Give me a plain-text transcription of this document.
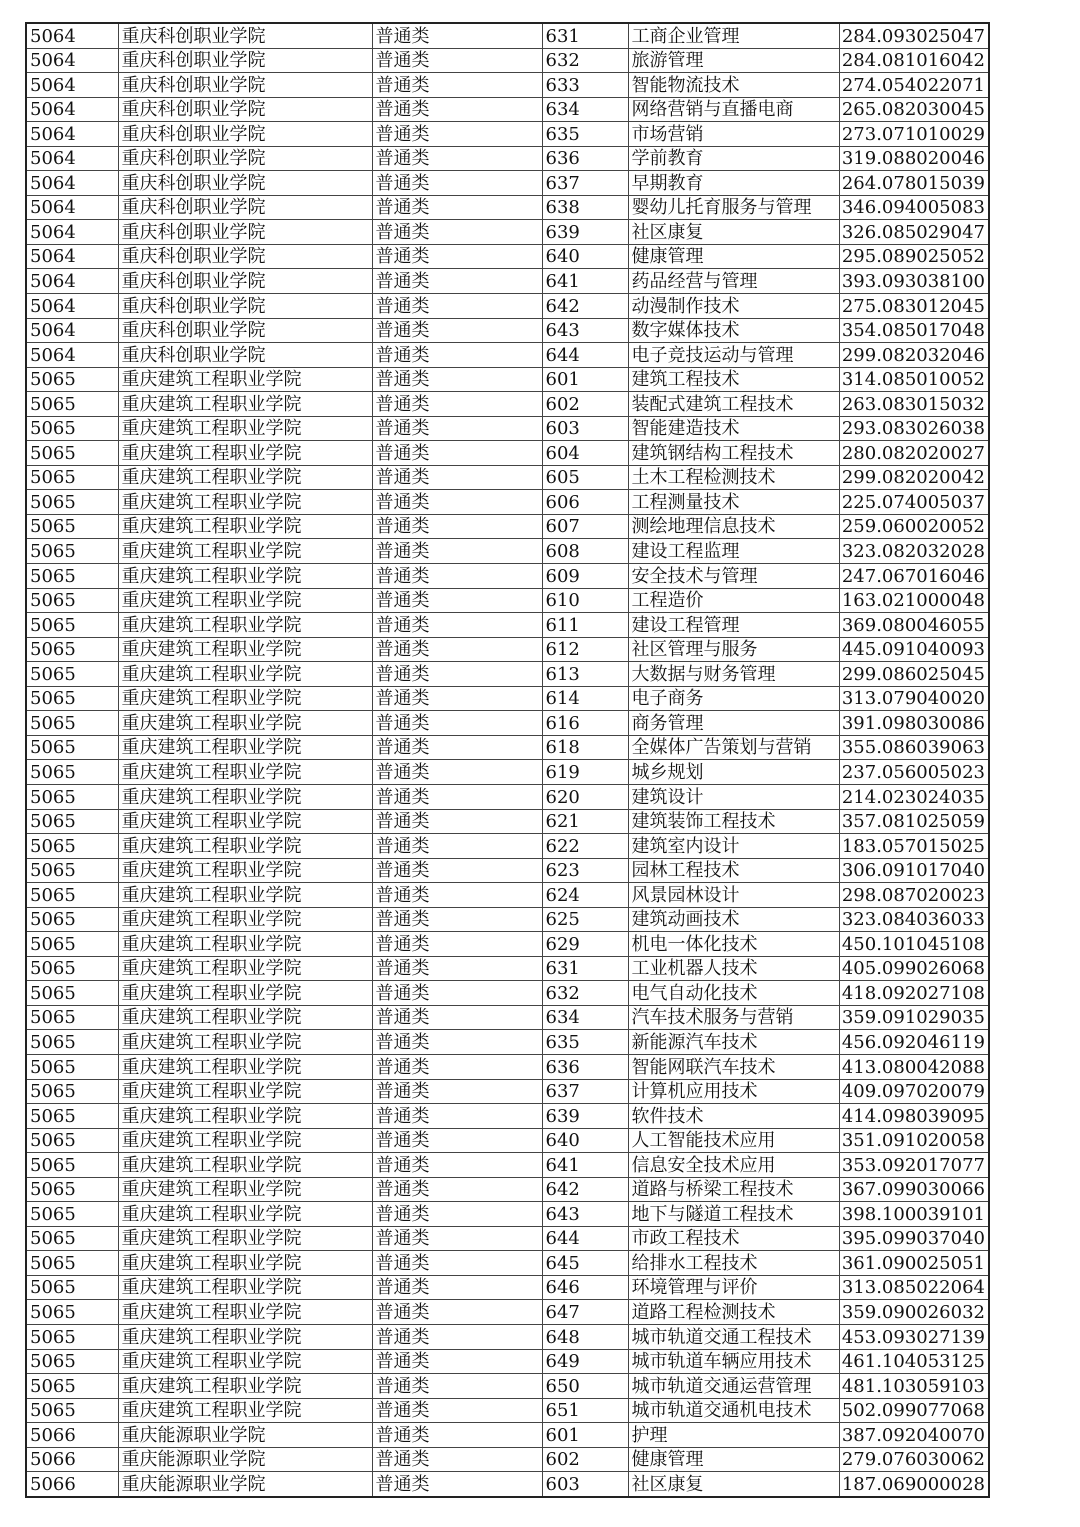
5064	重庆科创职业学院	普通类	631	工商企业管理	284.093025047
5064	重庆科创职业学院	普通类	632	旅游管理	284.081016042
5064	重庆科创职业学院	普通类	633	智能物流技术	274.054022071
5064	重庆科创职业学院	普通类	634	网络营销与直播电商	265.082030045
5064	重庆科创职业学院	普通类	635	市场营销	273.071010029
5064	重庆科创职业学院	普通类	636	学前教育	319.088020046
5064	重庆科创职业学院	普通类	637	早期教育	264.078015039
5064	重庆科创职业学院	普通类	638	婴幼儿托育服务与管理	346.094005083
5064	重庆科创职业学院	普通类	639	社区康复	326.085029047
5064	重庆科创职业学院	普通类	640	健康管理	295.089025052
5064	重庆科创职业学院	普通类	641	药品经营与管理	393.093038100
5064	重庆科创职业学院	普通类	642	动漫制作技术	275.083012045
5064	重庆科创职业学院	普通类	643	数字媒体技术	354.085017048
5064	重庆科创职业学院	普通类	644	电子竞技运动与管理	299.082032046
5065	重庆建筑工程职业学院	普通类	601	建筑工程技术	314.085010052
5065	重庆建筑工程职业学院	普通类	602	装配式建筑工程技术	263.083015032
5065	重庆建筑工程职业学院	普通类	603	智能建造技术	293.083026038
5065	重庆建筑工程职业学院	普通类	604	建筑钢结构工程技术	280.082020027
5065	重庆建筑工程职业学院	普通类	605	土木工程检测技术	299.082020042
5065	重庆建筑工程职业学院	普通类	606	工程测量技术	225.074005037
5065	重庆建筑工程职业学院	普通类	607	测绘地理信息技术	259.060020052
5065	重庆建筑工程职业学院	普通类	608	建设工程监理	323.082032028
5065	重庆建筑工程职业学院	普通类	609	安全技术与管理	247.067016046
5065	重庆建筑工程职业学院	普通类	610	工程造价	163.021000048
5065	重庆建筑工程职业学院	普通类	611	建设工程管理	369.080046055
5065	重庆建筑工程职业学院	普通类	612	社区管理与服务	445.091040093
5065	重庆建筑工程职业学院	普通类	613	大数据与财务管理	299.086025045
5065	重庆建筑工程职业学院	普通类	614	电子商务	313.079040020
5065	重庆建筑工程职业学院	普通类	616	商务管理	391.098030086
5065	重庆建筑工程职业学院	普通类	618	全媒体广告策划与营销	355.086039063
5065	重庆建筑工程职业学院	普通类	619	城乡规划	237.056005023
5065	重庆建筑工程职业学院	普通类	620	建筑设计	214.023024035
5065	重庆建筑工程职业学院	普通类	621	建筑装饰工程技术	357.081025059
5065	重庆建筑工程职业学院	普通类	622	建筑室内设计	183.057015025
5065	重庆建筑工程职业学院	普通类	623	园林工程技术	306.091017040
5065	重庆建筑工程职业学院	普通类	624	风景园林设计	298.087020023
5065	重庆建筑工程职业学院	普通类	625	建筑动画技术	323.084036033
5065	重庆建筑工程职业学院	普通类	629	机电一体化技术	450.101045108
5065	重庆建筑工程职业学院	普通类	631	工业机器人技术	405.099026068
5065	重庆建筑工程职业学院	普通类	632	电气自动化技术	418.092027108
5065	重庆建筑工程职业学院	普通类	634	汽车技术服务与营销	359.091029035
5065	重庆建筑工程职业学院	普通类	635	新能源汽车技术	456.092046119
5065	重庆建筑工程职业学院	普通类	636	智能网联汽车技术	413.080042088
5065	重庆建筑工程职业学院	普通类	637	计算机应用技术	409.097020079
5065	重庆建筑工程职业学院	普通类	639	软件技术	414.098039095
5065	重庆建筑工程职业学院	普通类	640	人工智能技术应用	351.091020058
5065	重庆建筑工程职业学院	普通类	641	信息安全技术应用	353.092017077
5065	重庆建筑工程职业学院	普通类	642	道路与桥梁工程技术	367.099030066
5065	重庆建筑工程职业学院	普通类	643	地下与隧道工程技术	398.100039101
5065	重庆建筑工程职业学院	普通类	644	市政工程技术	395.099037040
5065	重庆建筑工程职业学院	普通类	645	给排水工程技术	361.090025051
5065	重庆建筑工程职业学院	普通类	646	环境管理与评价	313.085022064
5065	重庆建筑工程职业学院	普通类	647	道路工程检测技术	359.090026032
5065	重庆建筑工程职业学院	普通类	648	城市轨道交通工程技术	453.093027139
5065	重庆建筑工程职业学院	普通类	649	城市轨道车辆应用技术	461.104053125
5065	重庆建筑工程职业学院	普通类	650	城市轨道交通运营管理	481.103059103
5065	重庆建筑工程职业学院	普通类	651	城市轨道交通机电技术	502.099077068
5066	重庆能源职业学院	普通类	601	护理	387.092040070
5066	重庆能源职业学院	普通类	602	健康管理	279.076030062
5066	重庆能源职业学院	普通类	603	社区康复	187.069000028
